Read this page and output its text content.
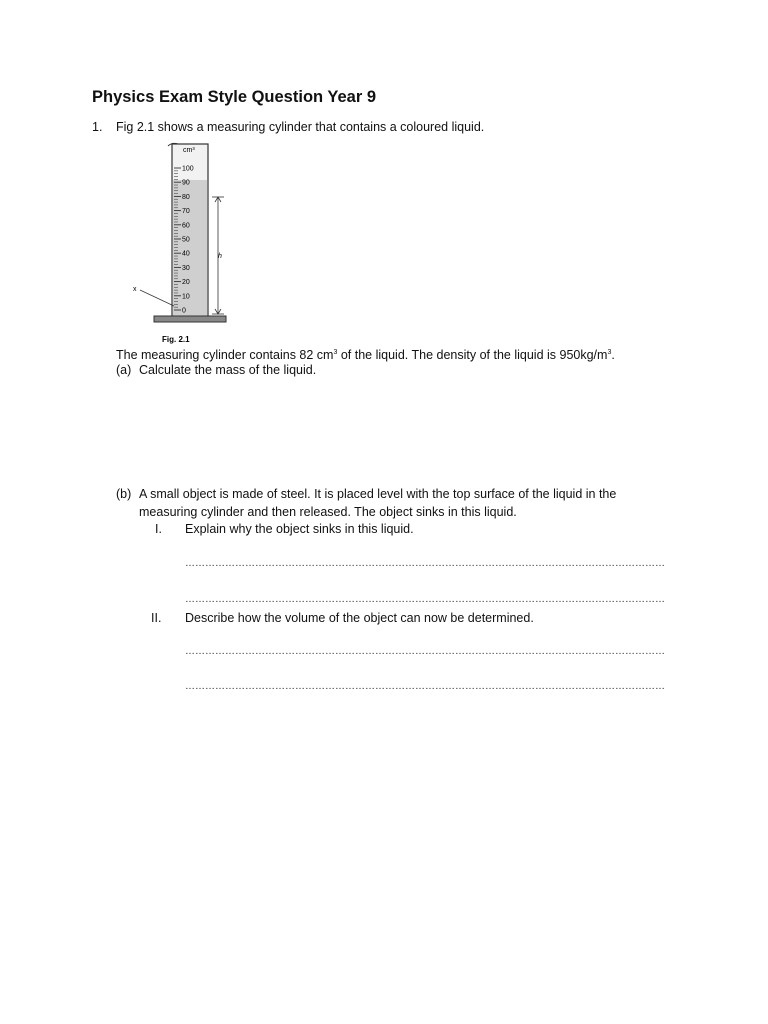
Physics Exam Style Question Year 9
1. Fig 2.1 shows a measuring cylinder that contains a coloured liquid.
cm³
100
90
80
70
60
50
40
30
20
10
0
h
x
Fig. 2.1
The measuring cylinder contains 82 $cm^3$ of the liquid. The density of the liquid is $950kg/m^3$.
(a) Calculate the mass of the liquid.
(b) A small object is made of steel. It is placed level with the top surface of the liquid in the
measuring cylinder and then released. The object sinks in this liquid.
I. Explain why the object sinks in this liquid.
………………………………………………………………………………………………………………………………
………………………………………………………………………………………………………………………………
II. Describe how the volume of the object can now be determined.
………………………………………………………………………………………………………………………………
………………………………………………………………………………………………………………………………
